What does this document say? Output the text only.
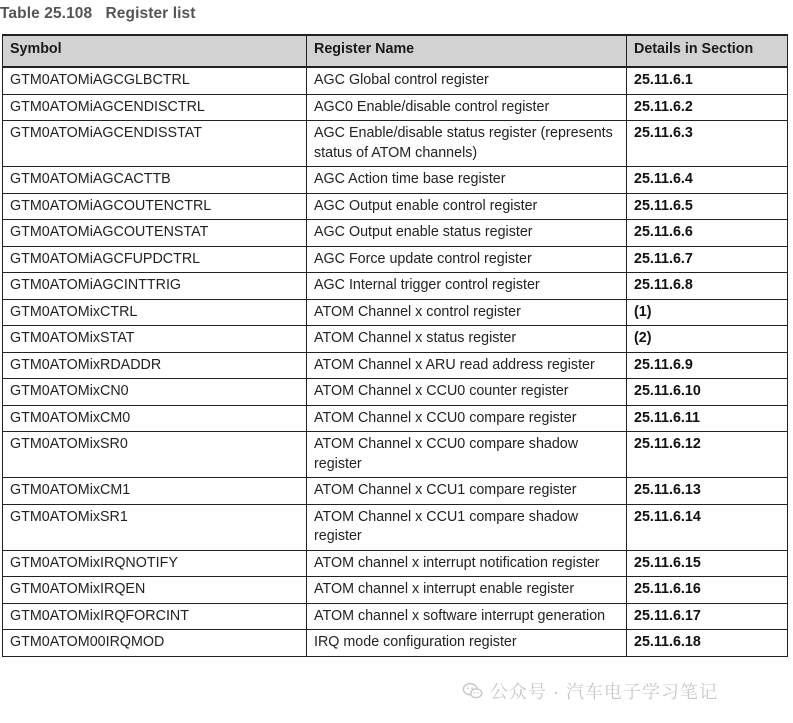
Table 25.108 Register list
Symbol	Register Name	Details in Section
GTM0ATOMiAGCGLBCTRL	AGC Global control register	25.11.6.1
GTM0ATOMiAGCENDISCTRL	AGC0 Enable/disable control register	25.11.6.2
GTM0ATOMiAGCENDISSTAT	AGC Enable/disable status register (represents status of ATOM channels)	25.11.6.3
GTM0ATOMiAGCACTTB	AGC Action time base register	25.11.6.4
GTM0ATOMiAGCOUTENCTRL	AGC Output enable control register	25.11.6.5
GTM0ATOMiAGCOUTENSTAT	AGC Output enable status register	25.11.6.6
GTM0ATOMiAGCFUPDCTRL	AGC Force update control register	25.11.6.7
GTM0ATOMiAGCINTTRIG	AGC Internal trigger control register	25.11.6.8
GTM0ATOMixCTRL	ATOM Channel x control register	(1)
GTM0ATOMixSTAT	ATOM Channel x status register	(2)
GTM0ATOMixRDADDR	ATOM Channel x ARU read address register	25.11.6.9
GTM0ATOMixCN0	ATOM Channel x CCU0 counter register	25.11.6.10
GTM0ATOMixCM0	ATOM Channel x CCU0 compare register	25.11.6.11
GTM0ATOMixSR0	ATOM Channel x CCU0 compare shadow register	25.11.6.12
GTM0ATOMixCM1	ATOM Channel x CCU1 compare register	25.11.6.13
GTM0ATOMixSR1	ATOM Channel x CCU1 compare shadow register	25.11.6.14
GTM0ATOMixIRQNOTIFY	ATOM channel x interrupt notification register	25.11.6.15
GTM0ATOMixIRQEN	ATOM channel x interrupt enable register	25.11.6.16
GTM0ATOMixIRQFORCINT	ATOM channel x software interrupt generation	25.11.6.17
GTM0ATOM00IRQMOD	IRQ mode configuration register	25.11.6.18
公众号 · 汽车电子学习笔记
